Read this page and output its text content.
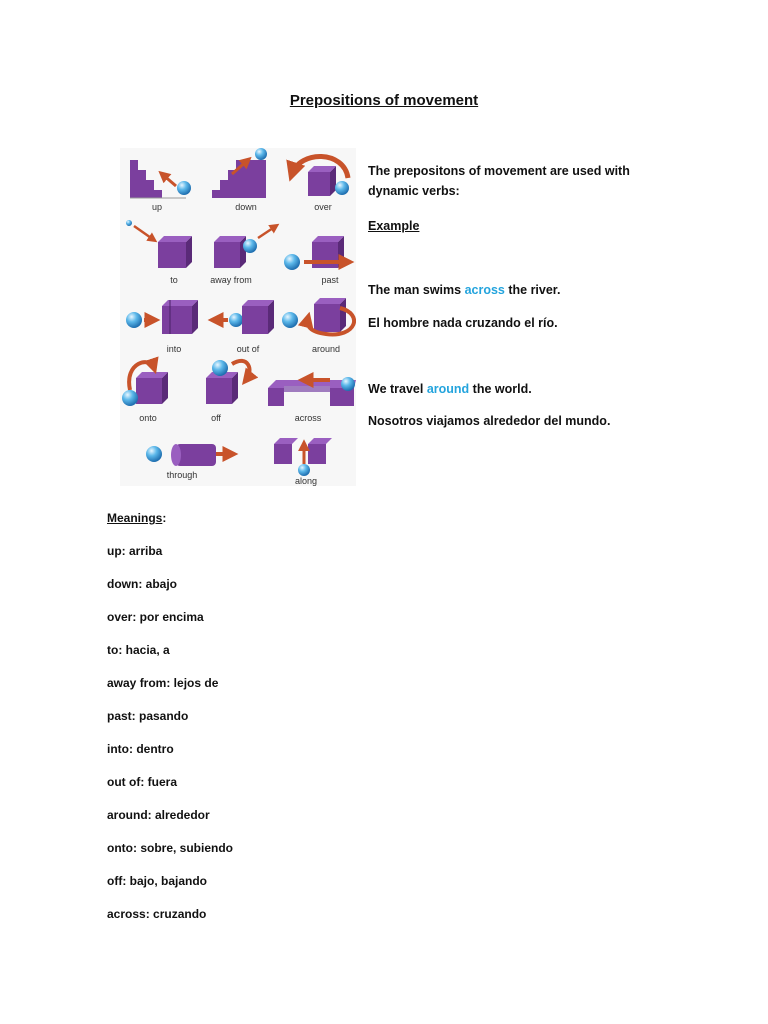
Prepositions of movement
up	down	over
to	away from	past
into	out of	around
onto	off	across
through
along

The prepositons of movement are used with

dynamic verbs:

Example

The man swims across the river.

El hombre nada cruzando el río.

We travel around the world.

Nosotros viajamos alrededor del mundo.

Meanings:
up: arriba
down: abajo
over: por encima
to: hacia, a
away from: lejos de
past: pasando
into: dentro
out of: fuera
around: alrededor
onto: sobre, subiendo
off: bajo, bajando
across: cruzando
